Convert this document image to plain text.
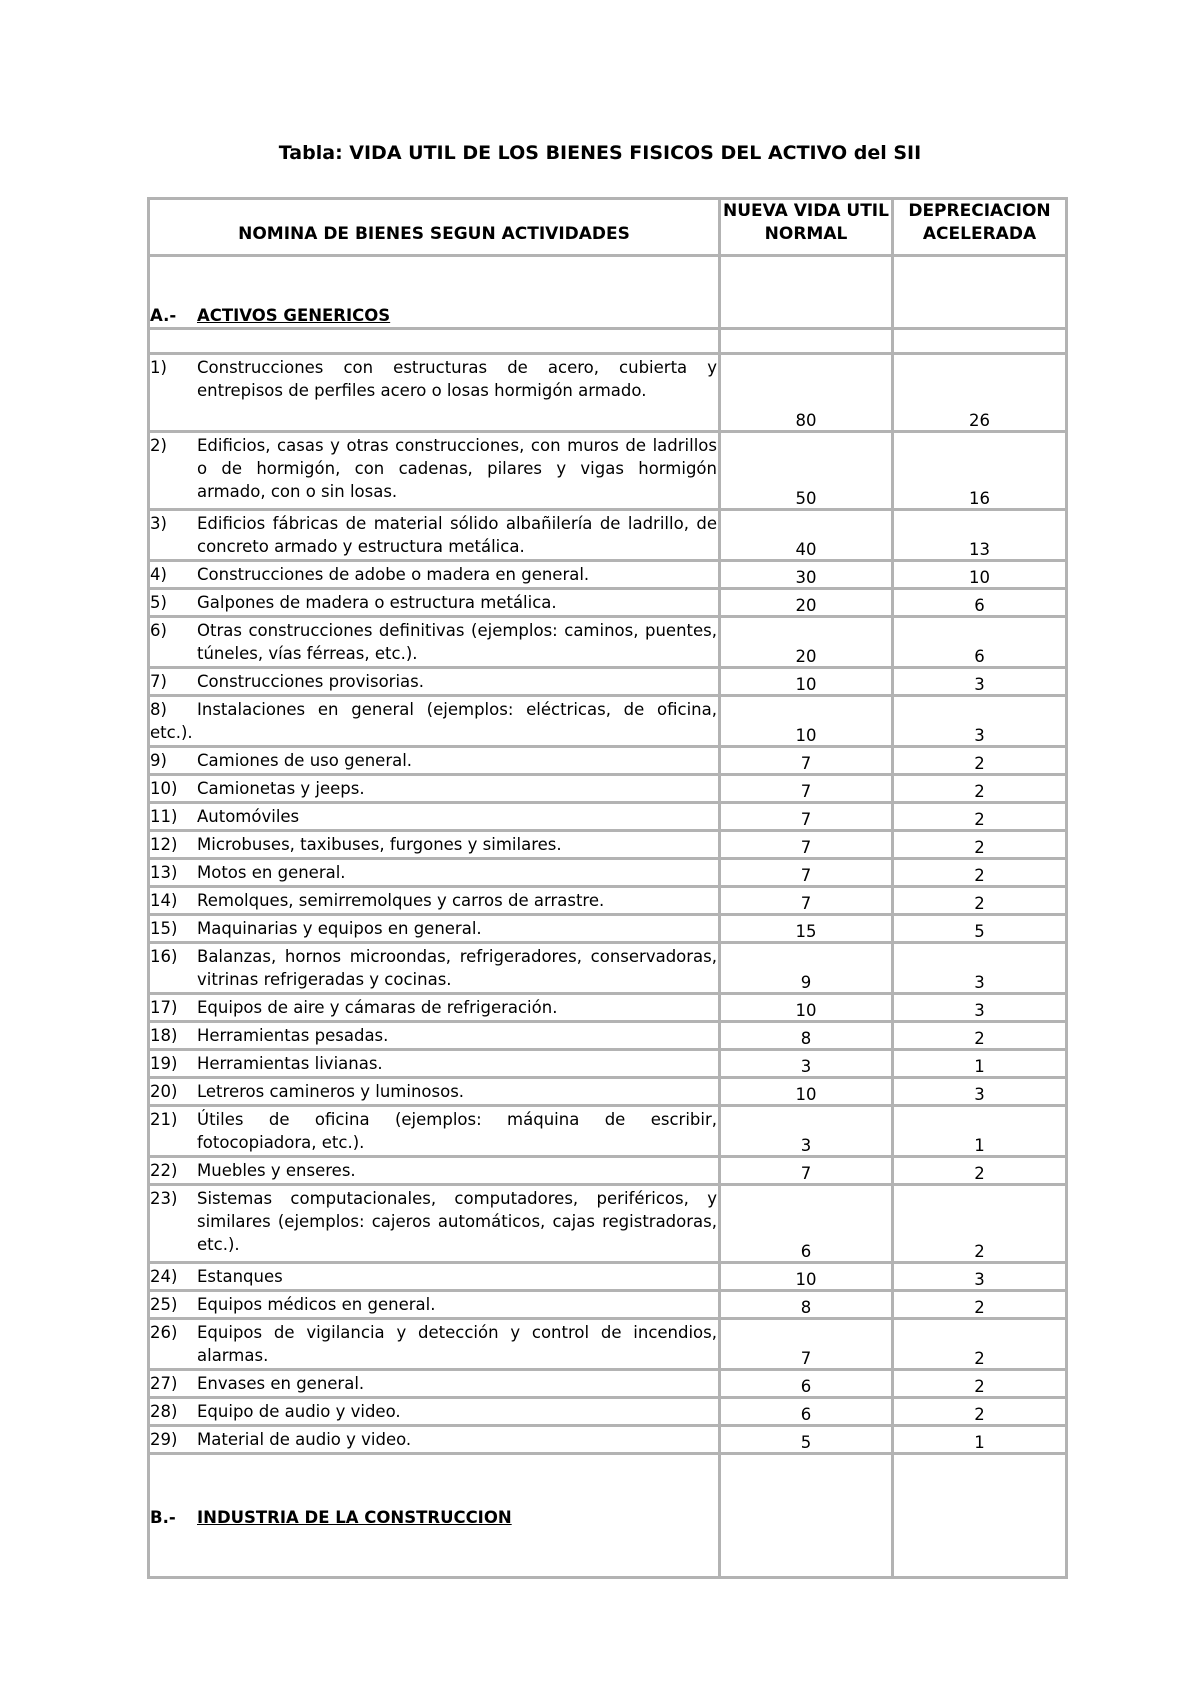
Tabla: VIDA UTIL DE LOS BIENES FISICOS DEL ACTIVO del SII
NOMINA DE BIENES SEGUN ACTIVIDADES	NUEVA VIDA UTIL NORMAL	DEPRECIACION ACELERADA
A.- ACTIVOS GENERICOS		

1) Construcciones con estructuras de acero, cubierta y entrepisos de perfiles acero o losas hormigón armado.	80	26

2) Edificios, casas y otras construcciones, con muros de ladrillos o de hormigón, con cadenas, pilares y vigas hormigón armado, con o sin losas.	50	16

3) Edificios fábricas de material sólido albañilería de ladrillo, de concreto armado y estructura metálica.	40	13

4) Construcciones de adobe o madera en general.	30	10

5) Galpones de madera o estructura metálica.	20	6

6) Otras construcciones definitivas (ejemplos: caminos, puentes, túneles, vías férreas, etc.).	20	6

7) Construcciones provisorias.	10	3

8) Instalaciones en general (ejemplos: eléctricas, de oficina, etc.).	10	3

9) Camiones de uso general.	7	2

10) Camionetas y jeeps.	7	2

11) Automóviles	7	2

12) Microbuses, taxibuses, furgones y similares.	7	2

13) Motos en general.	7	2

14) Remolques, semirremolques y carros de arrastre.	7	2

15) Maquinarias y equipos en general.	15	5

16) Balanzas, hornos microondas, refrigeradores, conservadoras, vitrinas refrigeradas y cocinas.	9	3

17) Equipos de aire y cámaras de refrigeración.	10	3

18) Herramientas pesadas.	8	2

19) Herramientas livianas.	3	1

20) Letreros camineros y luminosos.	10	3

21) Útiles de oficina (ejemplos: máquina de escribir, fotocopiadora, etc.).	3	1

22) Muebles y enseres.	7	2

23) Sistemas computacionales, computadores, periféricos, y similares (ejemplos: cajeros automáticos, cajas registradoras, etc.).	6	2

24) Estanques	10	3

25) Equipos médicos en general.	8	2

26) Equipos de vigilancia y detección y control de incendios, alarmas.	7	2

27) Envases en general.	6	2

28) Equipo de audio y video.	6	2

29) Material de audio y video.	5	1
B.- INDUSTRIA DE LA CONSTRUCCION		
